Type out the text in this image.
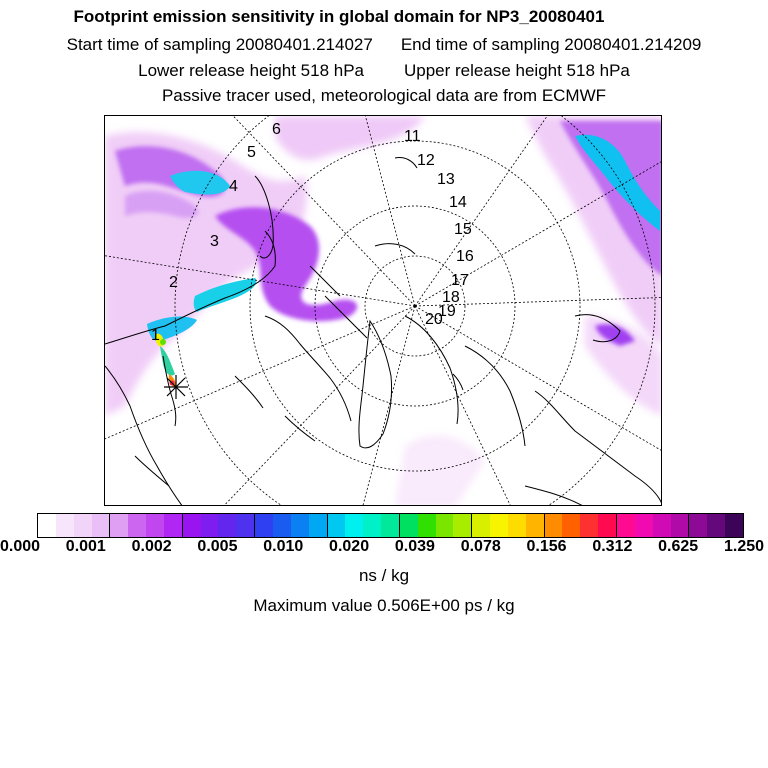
Footprint emission sensitivity in global domain for NP3_20080401
Start time of sampling 20080401.214027 End time of sampling 20080401.214209
Lower release height 518 hPa Upper release height 518 hPa
Passive tracer used, meteorological data are from ECMWF
1
2
3
4
5
6	11
12
13
14
15
16
17
18
19
20
0.000 0.001 0.002 0.005 0.010 0.020 0.039 0.078 0.156 0.312 0.625 1.250
ns / kg
Maximum value 0.506E+00 ps / kg
